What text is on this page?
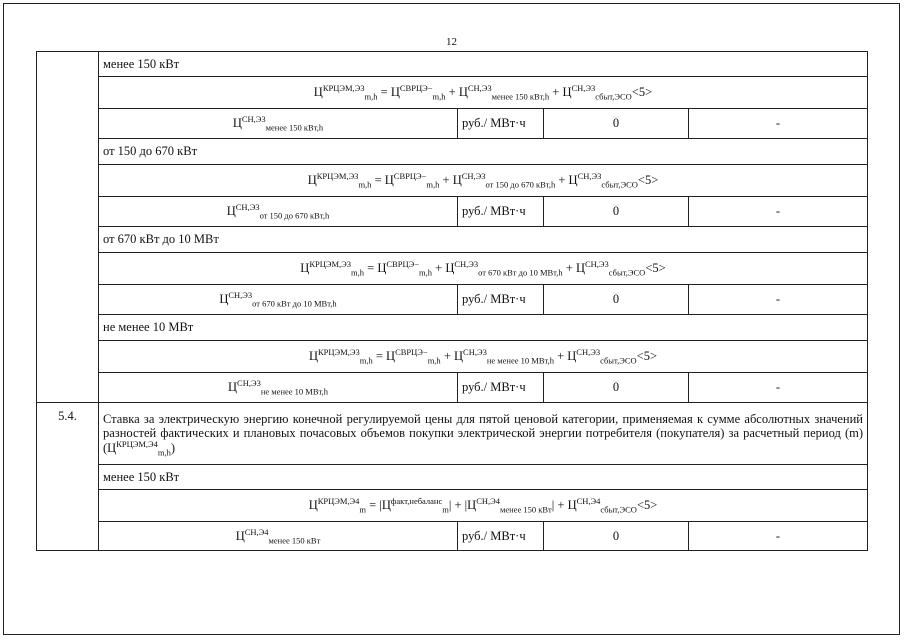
12
	менее 150 кВт			
	$Ц^{КРЦЭМ,Э3}_{m,h} = Ц^{СВРЦЭ-}_{m,h} + Ц^{СН,Э3}_{менее 150 кВт,h} + Ц^{СН,Э3}_{сбыт,ЭСО}<5>$			
	$Ц^{СН,Э3}_{менее 150 кВт,h}$	руб./ МВт·ч	0	-
	от 150 до 670 кВт			
	$Ц^{КРЦЭМ,Э3}_{m,h} = Ц^{СВРЦЭ-}_{m,h} + Ц^{СН,Э3}_{от 150 до 670 кВт,h} + Ц^{СН,Э3}_{сбыт,ЭСО}<5>$			
	$Ц^{СН,Э3}_{от 150 до 670 кВт,h}$	руб./ МВт·ч	0	-
	от 670 кВт до 10 МВт			
	$Ц^{КРЦЭМ,Э3}_{m,h} = Ц^{СВРЦЭ-}_{m,h} + Ц^{СН,Э3}_{от 670 кВт до 10 МВт,h} + Ц^{СН,Э3}_{сбыт,ЭСО}<5>$			
	$Ц^{СН,Э3}_{от 670 кВт до 10 МВт,h}$	руб./ МВт·ч	0	-
	не менее 10 МВт			
	$Ц^{КРЦЭМ,Э3}_{m,h} = Ц^{СВРЦЭ-}_{m,h} + Ц^{СН,Э3}_{не менее 10 МВт,h} + Ц^{СН,Э3}_{сбыт,ЭСО}<5>$			
	$Ц^{СН,Э3}_{не менее 10 МВт,h}$	руб./ МВт·ч	0	-
5.4.	Ставка за электрическую энергию конечной регулируемой цены для пятой ценовой категории, применяемая к сумме абсолютных значений разностей фактических и плановых почасовых объемов покупки электрической энергии потребителя (покупателя) за расчетный период (m) $(Ц^{КРЦЭМ,Э4}_{m,h})$			
	менее 150 кВт			
	$Ц^{КРЦЭМ,Э4}_m = |Ц^{факт,небаланс}_m| + |Ц^{СН,Э4}_{менее 150 кВт}| + Ц^{СН,Э4}_{сбыт,ЭСО}<5>$			
	$Ц^{СН,Э4}_{менее 150 кВт}$	руб./ МВт·ч	0	-
